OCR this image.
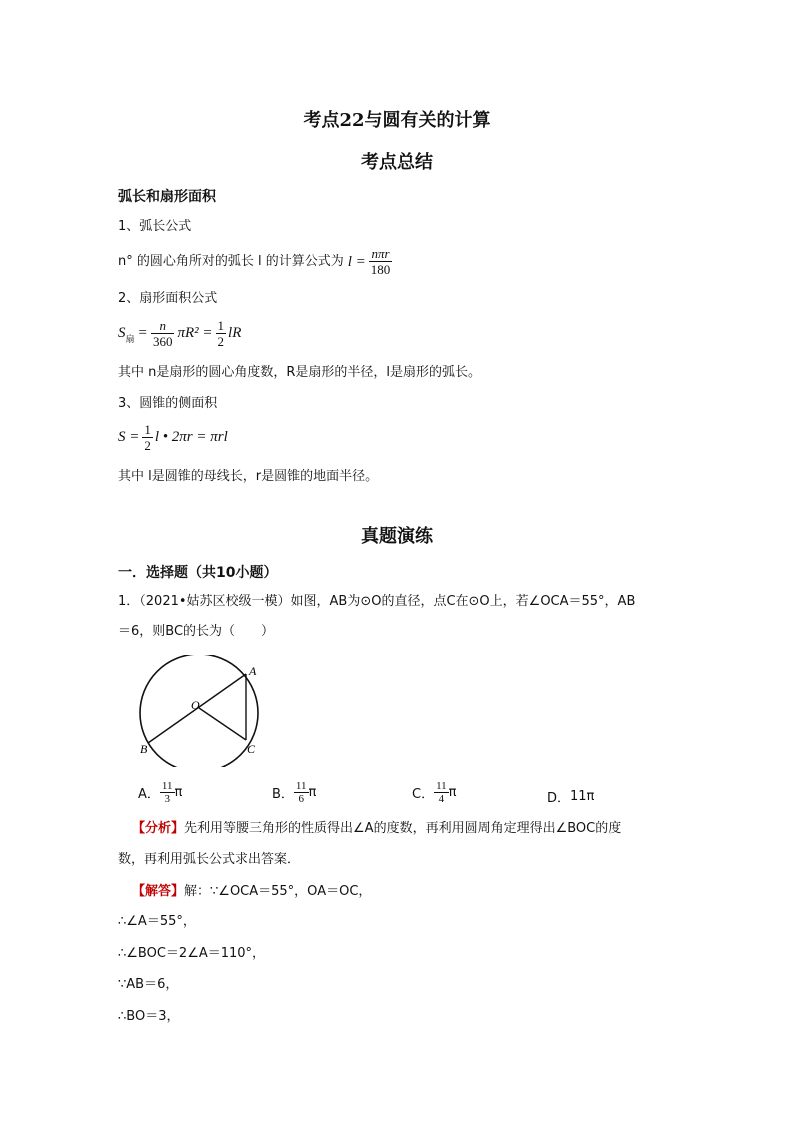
考点22与圆有关的计算
考点总结
弧长和扇形面积
1、弧长公式
n° 的圆心角所对的弧长 l 的计算公式为 $l = \frac{\text{nπr}}{180}$
2、扇形面积公式
S 扇 = $\frac{n}{360} \pi R^2 = \frac{1}{2}$ lR
其中 n是扇形的圆心角度数，R是扇形的半径，l是扇形的弧长。
3、圆锥的侧面积
$S = \frac{1}{2}$ l • 2πr = πrl
其中 l是圆锥的母线长，r是圆锥的地面半径。
真题演练
一．选择题（共10小题）
1．（2021•姑苏区校级一模）如图，AB为⊙O的直径，点C在⊙O上，若∠OCA＝55°，AB
＝6，则BC的长为（　　）
A
O
B	C
A． $\frac{11}{3}$ π	B． $\frac{11}{6}$ π	C． $\frac{11}{4}$ π	D． 11π
【分析】先利用等腰三角形的性质得出∠A的度数，再利用圆周角定理得出∠BOC的度
数，再利用弧长公式求出答案．
【解答】解：∵∠OCA＝55°，OA＝OC，
∴∠A＝55°，
∴∠BOC＝2∠A＝110°，
∵AB＝6，
∴BO＝3，
